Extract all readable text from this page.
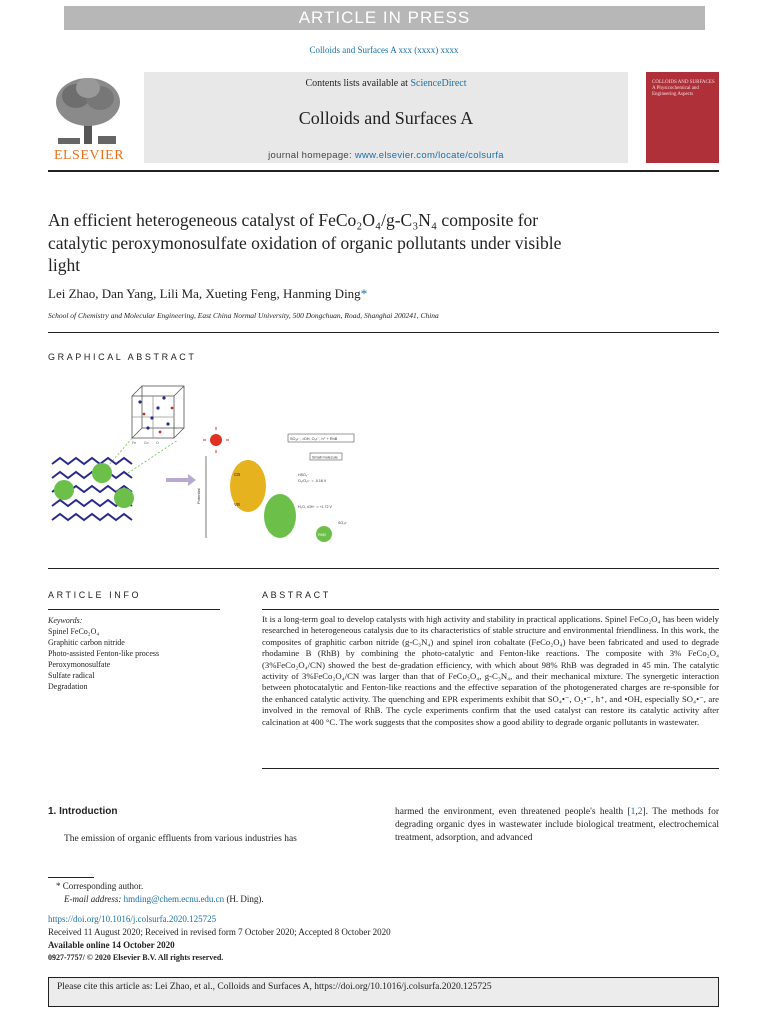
ARTICLE IN PRESS
Colloids and Surfaces A xxx (xxxx) xxxx
ELSEVIER
Contents lists available at ScienceDirect
Colloids and Surfaces A
journal homepage: www.elsevier.com/locate/colsurfa
COLLOIDS AND SURFACES A Physicochemical and Engineering Aspects
An efficient heterogeneous catalyst of FeCo₂O₄/g-C₃N₄ composite for
catalytic peroxymonosulfate oxidation of organic pollutants under visible
light
Lei Zhao, Dan Yang, Lili Ma, Xueting Feng, Hanming Ding*
School of Chemistry and Molecular Engineering, East China Normal University, 500 Dongchuan, Road, Shanghai 200241, China
GRAPHICAL ABSTRACT
Fe Co O
Potential
CB
VB
SO₄•⁻, •OH, O₂•⁻, h⁺ + RhB
Small molecule
O₂/O₂•⁻ = -0.16 V
H₂O, •OH⁻ = +1.72 V
HSO₅⁻
SO₄•⁻
RhB
ARTICLE INFO
Keywords:
Spinel FeCo₂O₄
Graphitic carbon nitride
Photo-assisted Fenton-like process
Peroxymonosulfate
Sulfate radical
Degradation
ABSTRACT
It is a long-term goal to develop catalysts with high activity and stability in practical applications. Spinel FeCo₂O₄ has been widely researched in heterogeneous catalysis due to its characteristics of stable structure and environmental friendliness. In this work, the composites of graphitic carbon nitride (g-C₃N₄) and spinel iron cobaltate (FeCo₂O₄) have been fabricated and used to degrade rhodamine B (RhB) by combining the photo-catalytic and Fenton-like reactions. The composite with 3% FeCo₂O₄ (3%FeCo₂O₄/CN) showed the best de-gradation efficiency, with which about 98% RhB was degraded in 45 min. The catalytic activity of 3%FeCo₂O₄/CN was larger than that of FeCo₂O₄, g-C₃N₄, and their mechanical mixture. The synergetic interaction between photocatalytic and Fenton-like reactions and the effective separation of the photogenerated charges are re-sponsible for the enhanced catalytic activity. The quenching and EPR experiments exhibit that SO₄•⁻, O₂•⁻, h⁺, and •OH, especially SO₄•⁻, are involved in the removal of RhB. The cycle experiments confirm that the used catalyst can restore its catalytic activity after calcination at 400 °C. The work suggests that the composites show a good ability to degrade organic pollutants in wastewater.
1. Introduction
The emission of organic effluents from various industries has
harmed the environment, even threatened people's health [1,2]. The methods for degrading organic dyes in wastewater include biological treatment, electrochemical treatment, adsorption, and advanced
* Corresponding author.
E-mail address: hmding@chem.ecnu.edu.cn (H. Ding).
https://doi.org/10.1016/j.colsurfa.2020.125725
Received 11 August 2020; Received in revised form 7 October 2020; Accepted 8 October 2020
Available online 14 October 2020
0927-7757/ © 2020 Elsevier B.V. All rights reserved.
Please cite this article as: Lei Zhao, et al., Colloids and Surfaces A, https://doi.org/10.1016/j.colsurfa.2020.125725
